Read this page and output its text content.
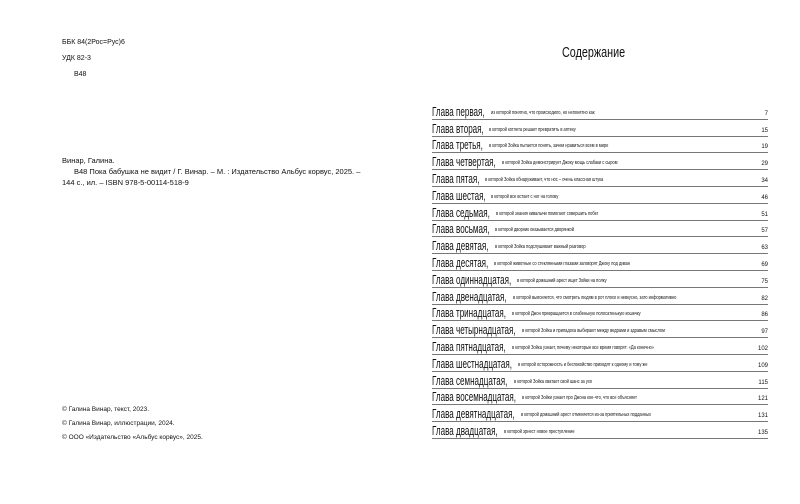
ББК 84(2Рос=Рус)6
УДК 82-3
В48
Винар, Галина.
В48 Пока бабушка не видит / Г. Винар. – М. : Издательство Альбус корвус, 2025. –
144 с., ил. – ISBN 978-5-00114-518-9
© Галина Винар, текст, 2023.
© Галина Винар, иллюстрации, 2024.
© ООО «Издательство «Альбус корвус», 2025.
Содержание
Глава первая, из которой понятно, что происходило, но непонятно как	7
Глава вторая, в которой котлета решает превратить в аптеку	15
Глава третья, в которой Зойка пытается понять, зачем нравиться всем в мире	19
Глава четвертая, в которой Зойка демонстрирует Джоку мощь слабаки с сыром	29
Глава пятая, в которой Зойка обнаруживает, что нос – очень классная штука	34
Глава шестая, в которой все встает с ног на голову	46
Глава седьмая, в которой знания кивалычи помогают совершить побег	51
Глава восьмая, в которой дворник оказывается дворянкой	57
Глава девятая, в которой Зойка подслушивает важный разговор	63
Глава десятая, в которой животные со стеклянными глазами заговорят Джоку под диван	69
Глава одиннадцатая, в которой домашний арест ищет Зойки на полку	75
Глава двенадцатая, в которой выясняется, что смотреть людям в рот плохо и невкусно, зато информативно	82
Глава тринадцатая, в которой Джон превращается в слабенькую полосатенькую кошечку	86
Глава четырнадцатая, в которой Зойка и припадоха выбирают между ведрами и здравым смыслом	97
Глава пятнадцатая, в которой Зойка узнает, почему некоторые все время говорят: «Да конечно»	102
Глава шестнадцатая, в которой осторожность и беспокойство приходят к одному и тому же	109
Глава семнадцатая, в которой Зойка хватает свой шанс за ухо	115
Глава восемнадцатая, в которой Зойки узнает про Джона кое-что, что все объясняет	121
Глава девятнадцатая, в которой домашний арест отменяется из-за приятельных подданных	131
Глава двадцатая, в которой эрнест новое преступление	135
